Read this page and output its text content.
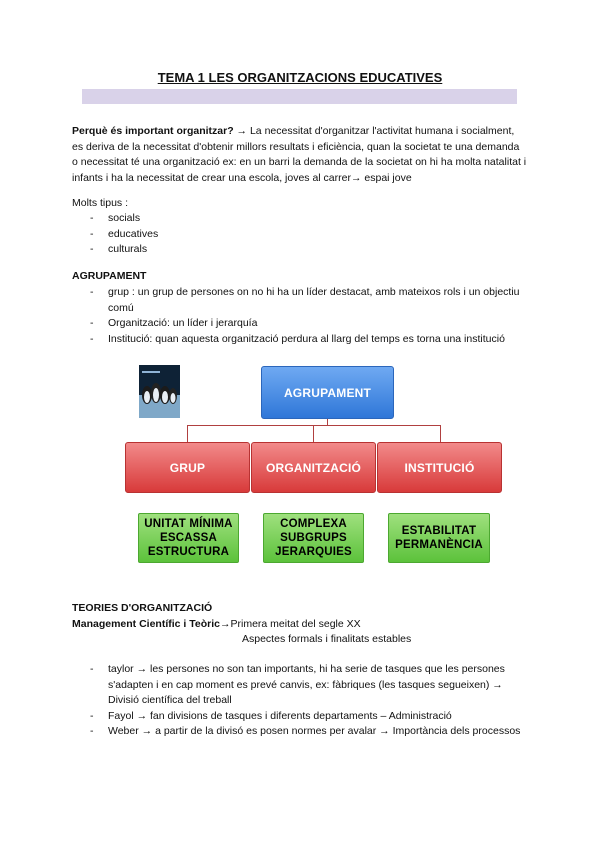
TEMA 1 LES ORGANITZACIONS EDUCATIVES
Perquè és important organitzar? → La necessitat d'organitzar l'activitat humana i socialment, es deriva de la necessitat d'obtenir millors resultats i eficiència, quan la societat te una demanda o necessitat té una organització ex: en un barri la demanda de la societat on hi ha molta natalitat i infants i ha la necessitat de crear una escola, joves al carrer→ espai jove
Molts tipus :
- socials
- educatives
- culturals
AGRUPAMENT
- grup : un grup de persones on no hi ha un líder destacat, amb mateixos rols i un objectiu comú
- Organització: un líder i jerarquía
- Institució: quan aquesta organització perdura al llarg del temps es torna una institució
AGRUPAMENT
GRUP	ORGANITZACIÓ	INSTITUCIÓ
UNITAT MÍNIMA
ESCASSA
ESTRUCTURA
COMPLEXA
SUBGRUPS
JERARQUIES
ESTABILITAT
PERMANÈNCIA
TEORIES D'ORGANITZACIÓ
Management Científic i Teòric→Primera meitat del segle XX
Aspectes formals i finalitats estables
- taylor → les persones no son tan importants, hi ha serie de tasques que les persones s'adapten i en cap moment es prevé canvis, ex: fàbriques (les tasques segueixen) → Divisió científica del treball
- Fayol → fan divisions de tasques i diferents departaments – Administració
- Weber → a partir de la divisó es posen normes per avalar → Importància dels processos
